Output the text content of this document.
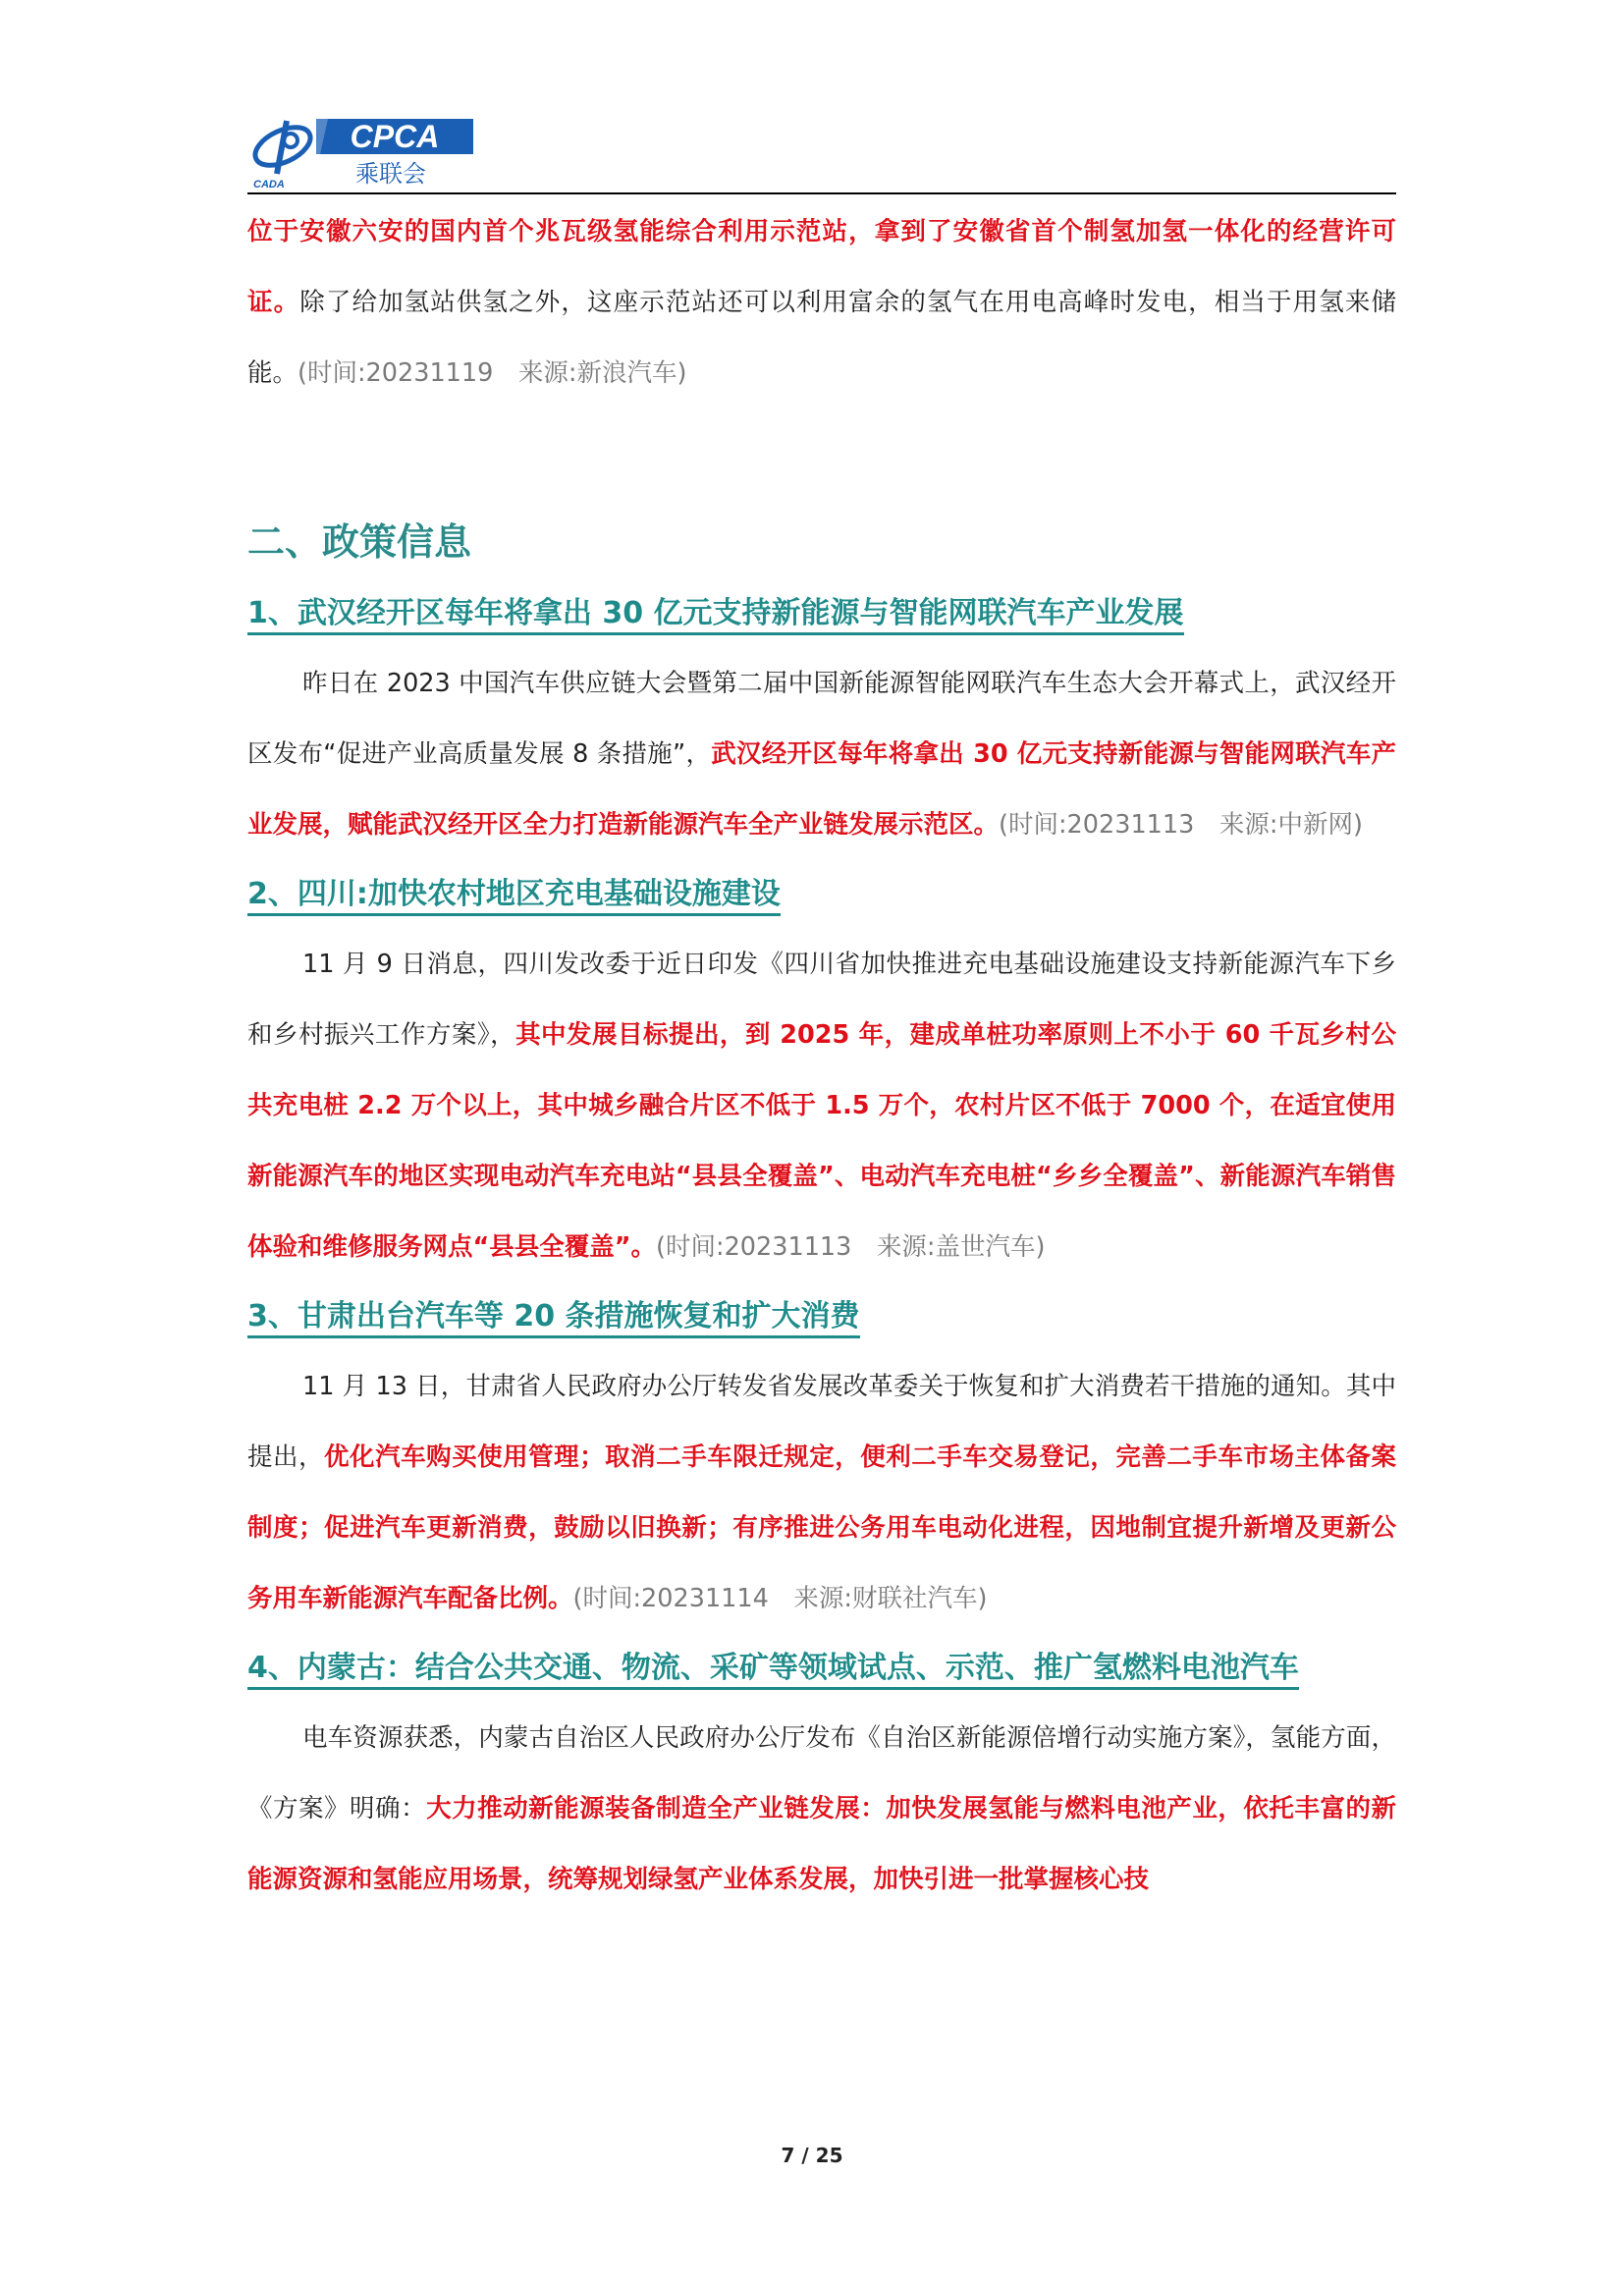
CADA
CPCA
乘联会

位于安徽六安的国内首个兆瓦级氢能综合利用示范站，拿到了安徽省首个制氢加氢一体化的经营许可证。除了给加氢站供氢之外，这座示范站还可以利用富余的氢气在用电高峰时发电，相当于用氢来储能。(时间:20231119　来源:新浪汽车)

二、政策信息

1、武汉经开区每年将拿出 30 亿元支持新能源与智能网联汽车产业发展

昨日在 2023 中国汽车供应链大会暨第二届中国新能源智能网联汽车生态大会开幕式上，武汉经开区发布“促进产业高质量发展 8 条措施”，武汉经开区每年将拿出 30 亿元支持新能源与智能网联汽车产业发展，赋能武汉经开区全力打造新能源汽车全产业链发展示范区。(时间:20231113　来源:中新网)

2、四川:加快农村地区充电基础设施建设

11 月 9 日消息，四川发改委于近日印发《四川省加快推进充电基础设施建设支持新能源汽车下乡和乡村振兴工作方案》，其中发展目标提出，到 2025 年，建成单桩功率原则上不小于 60 千瓦乡村公共充电桩 2.2 万个以上，其中城乡融合片区不低于 1.5 万个，农村片区不低于 7000 个，在适宜使用新能源汽车的地区实现电动汽车充电站“县县全覆盖”、电动汽车充电桩“乡乡全覆盖”、新能源汽车销售体验和维修服务网点“县县全覆盖”。(时间:20231113　来源:盖世汽车)

3、甘肃出台汽车等 20 条措施恢复和扩大消费

11 月 13 日，甘肃省人民政府办公厅转发省发展改革委关于恢复和扩大消费若干措施的通知。其中提出，优化汽车购买使用管理；取消二手车限迁规定，便利二手车交易登记，完善二手车市场主体备案制度；促进汽车更新消费，鼓励以旧换新；有序推进公务用车电动化进程，因地制宜提升新增及更新公务用车新能源汽车配备比例。(时间:20231114　来源:财联社汽车)

4、内蒙古：结合公共交通、物流、采矿等领域试点、示范、推广氢燃料电池汽车

电车资源获悉，内蒙古自治区人民政府办公厅发布《自治区新能源倍增行动实施方案》，氢能方面，《方案》明确：大力推动新能源装备制造全产业链发展：加快发展氢能与燃料电池产业，依托丰富的新能源资源和氢能应用场景，统筹规划绿氢产业体系发展，加快引进一批掌握核心技

7 / 25
